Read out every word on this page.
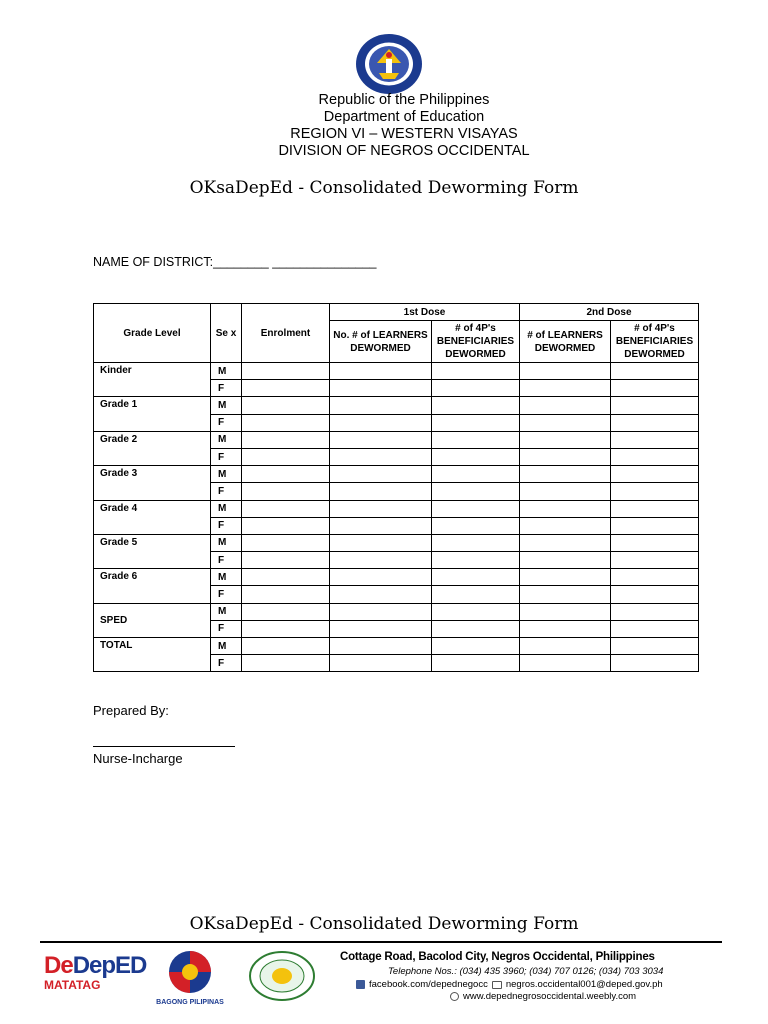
Republic of the Philippines
Department of Education
REGION VI – WESTERN VISAYAS
DIVISION OF NEGROS OCCIDENTAL
OKsaDepEd - Consolidated Deworming Form
NAME OF DISTRICT:________ _______________
Grade Level	Se x	Enrolment	1st Dose		2nd Dose	
			No. # of LEARNERS DEWORMED	# of 4P's BENEFICIARIES DEWORMED	# of LEARNERS DEWORMED	# of 4P's BENEFICIARIES DEWORMED

Kinder	M					
	F					

Grade 1	M					
	F					

Grade 2	M					
	F					

Grade 3	M					
	F					

Grade 4	M					
	F					

Grade 5	M					
	F					

Grade 6	M					
	F					

SPED	M					
	F					

TOTAL	M					
	F					
Prepared By:
Nurse-Incharge
OKsaDepEd - Consolidated Deworming Form
DeDepED
MATATAG
BAGONG PILIPINAS
Cottage Road, Bacolod City, Negros Occidental, Philippines
Telephone Nos.: (034) 435 3960; (034) 707 0126; (034) 703 3034
facebook.com/depednegocc negros.occidental001@deped.gov.ph
www.depednegrosoccidental.weebly.com
